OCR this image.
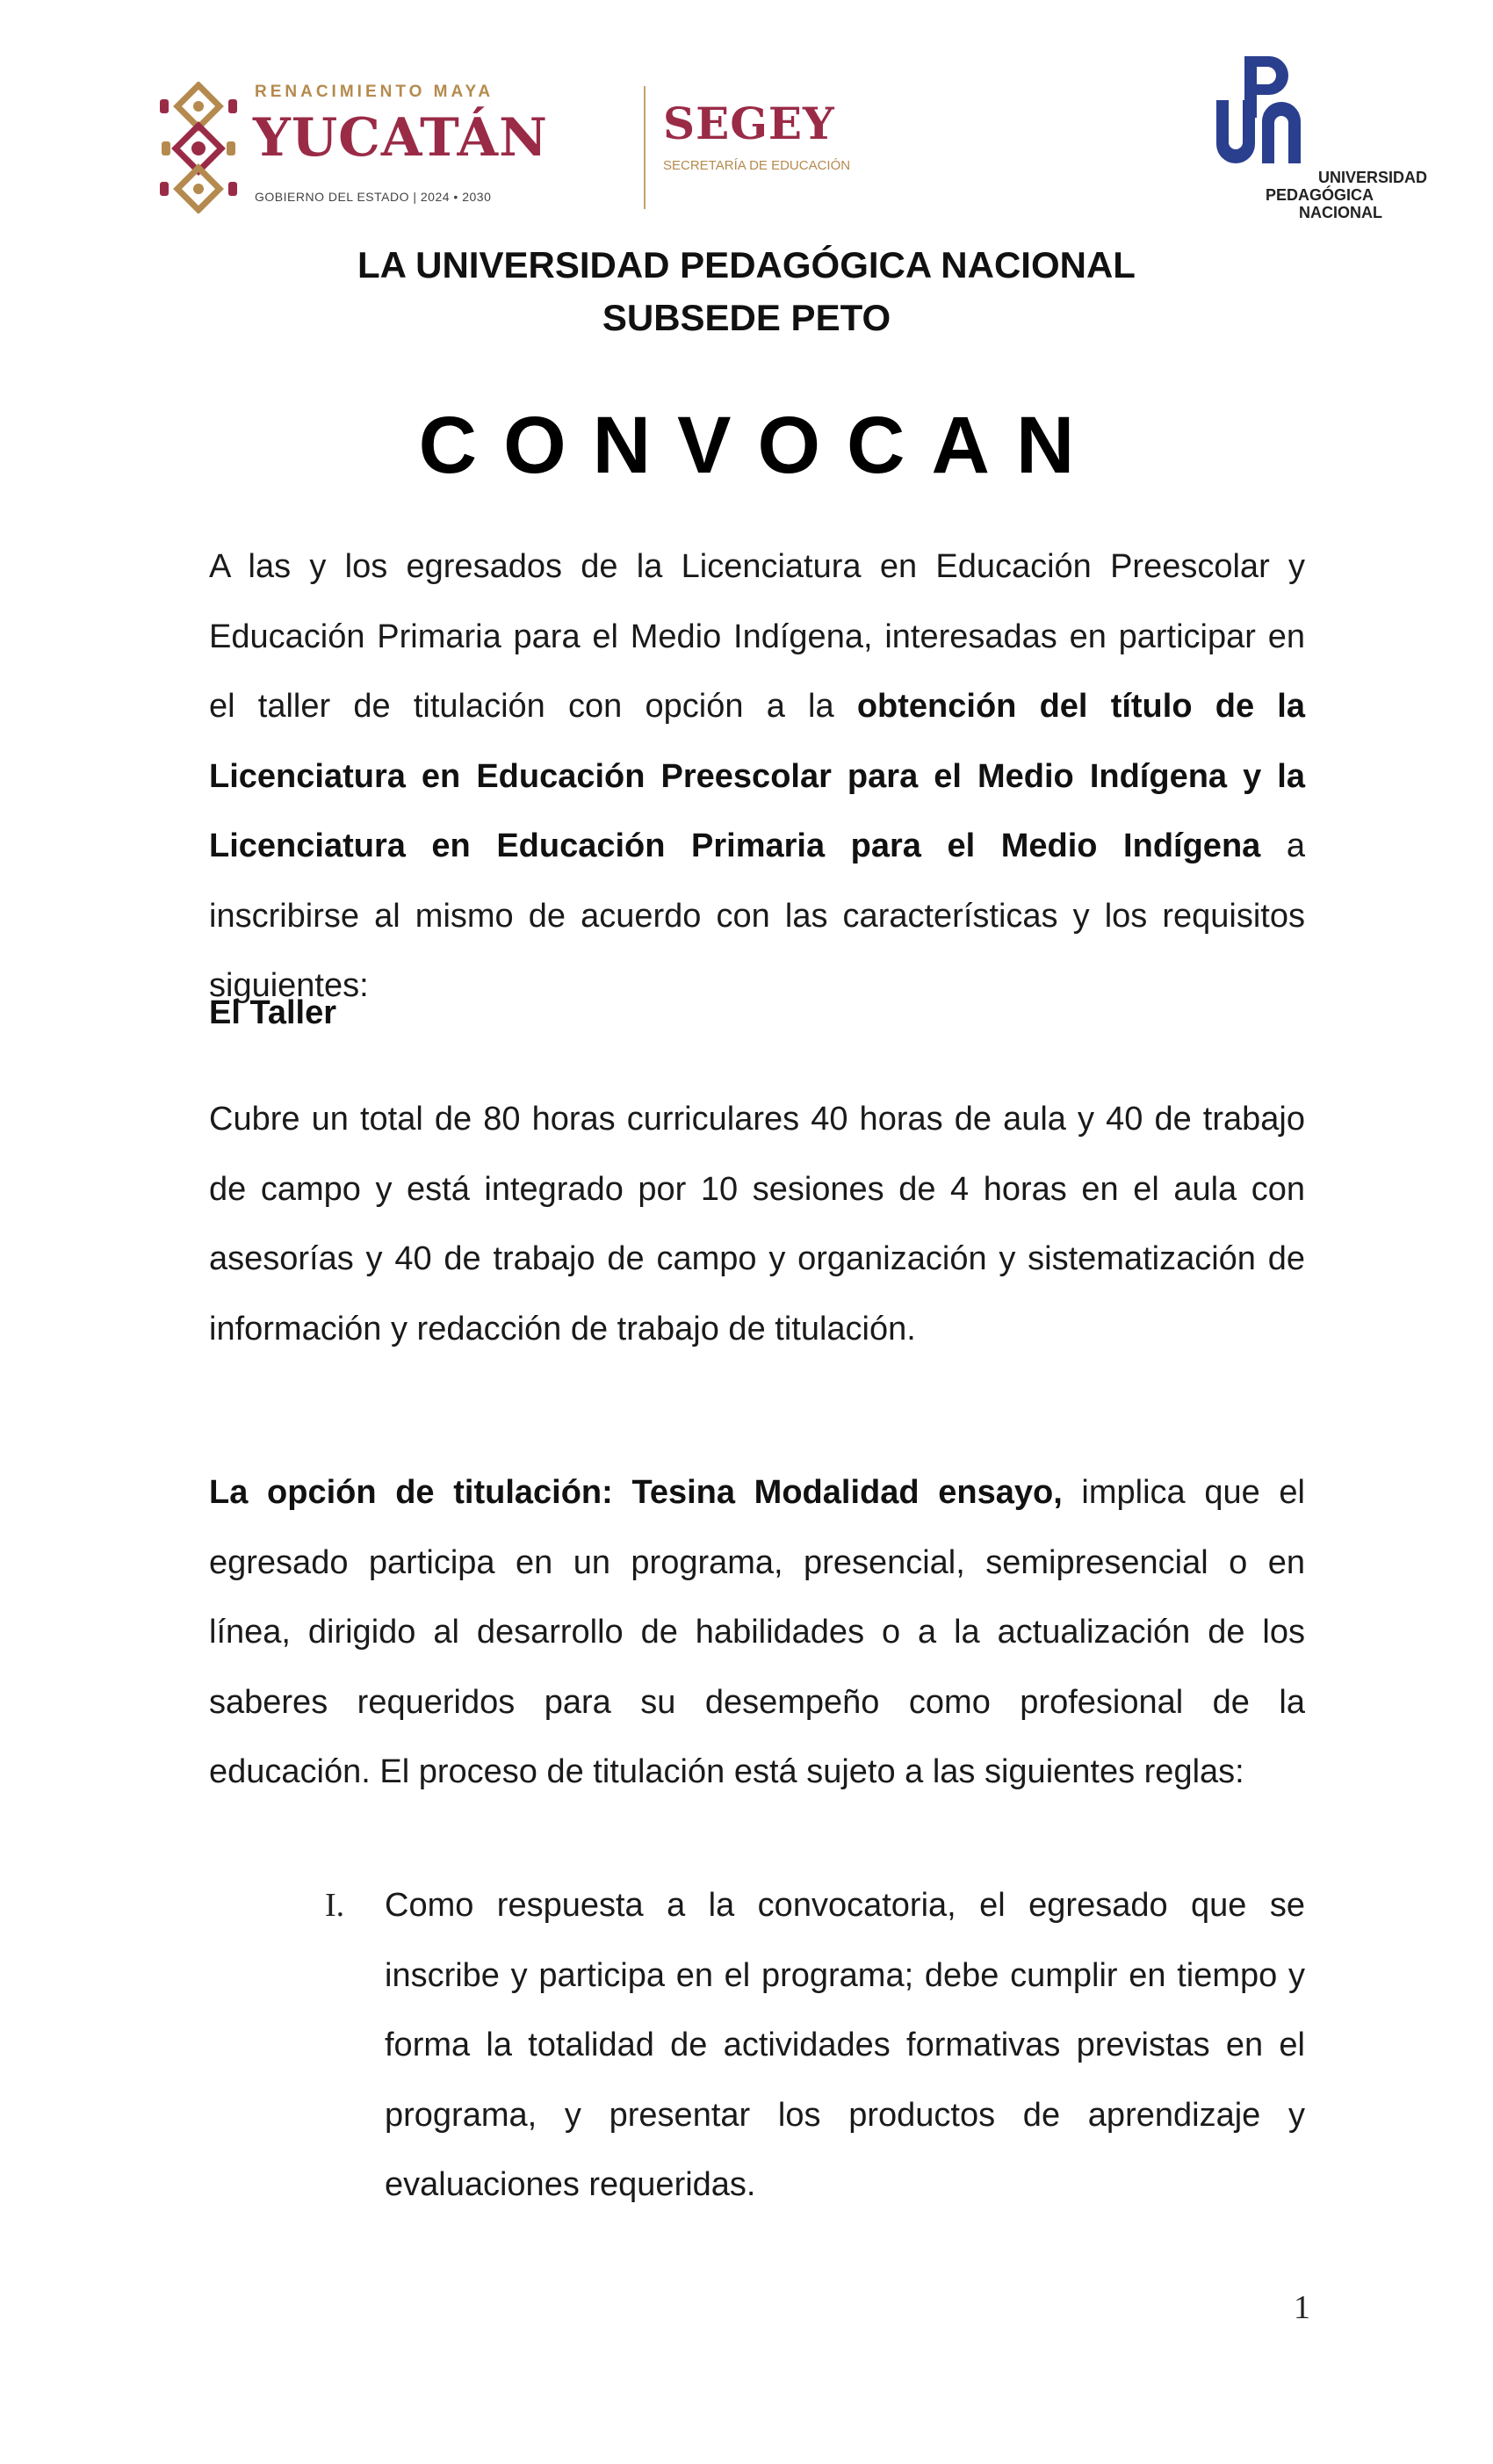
RENACIMIENTO MAYA
YUCATÁN
GOBIERNO DEL ESTADO | 2024 • 2030
SEGEY
SECRETARÍA DE EDUCACIÓN
UNIVERSIDAD
PEDAGÓGICA
NACIONAL
LA UNIVERSIDAD PEDAGÓGICA NACIONAL
SUBSEDE PETO
CONVOCAN

A las y los egresados de la Licenciatura en Educación Preescolar y Educación Primaria para el Medio Indígena, interesadas en participar en el taller de titulación con opción a la obtención del título de la Licenciatura en Educación Preescolar para el Medio Indígena y la Licenciatura en Educación Primaria para el Medio Indígena a inscribirse al mismo de acuerdo con las características y los requisitos siguientes:

El Taller

Cubre un total de 80 horas curriculares 40 horas de aula y 40 de trabajo de campo y está integrado por 10 sesiones de 4 horas en el aula con asesorías y 40 de trabajo de campo y organización y sistematización de información y redacción de trabajo de titulación.

La opción de titulación: Tesina Modalidad ensayo, implica que el egresado participa en un programa, presencial, semipresencial o en línea, dirigido al desarrollo de habilidades o a la actualización de los saberes requeridos para su desempeño como profesional de la educación. El proceso de titulación está sujeto a las siguientes reglas:

I. Como respuesta a la convocatoria, el egresado que se inscribe y participa en el programa; debe cumplir en tiempo y forma la totalidad de actividades formativas previstas en el programa, y presentar los productos de aprendizaje y evaluaciones requeridas.

1
